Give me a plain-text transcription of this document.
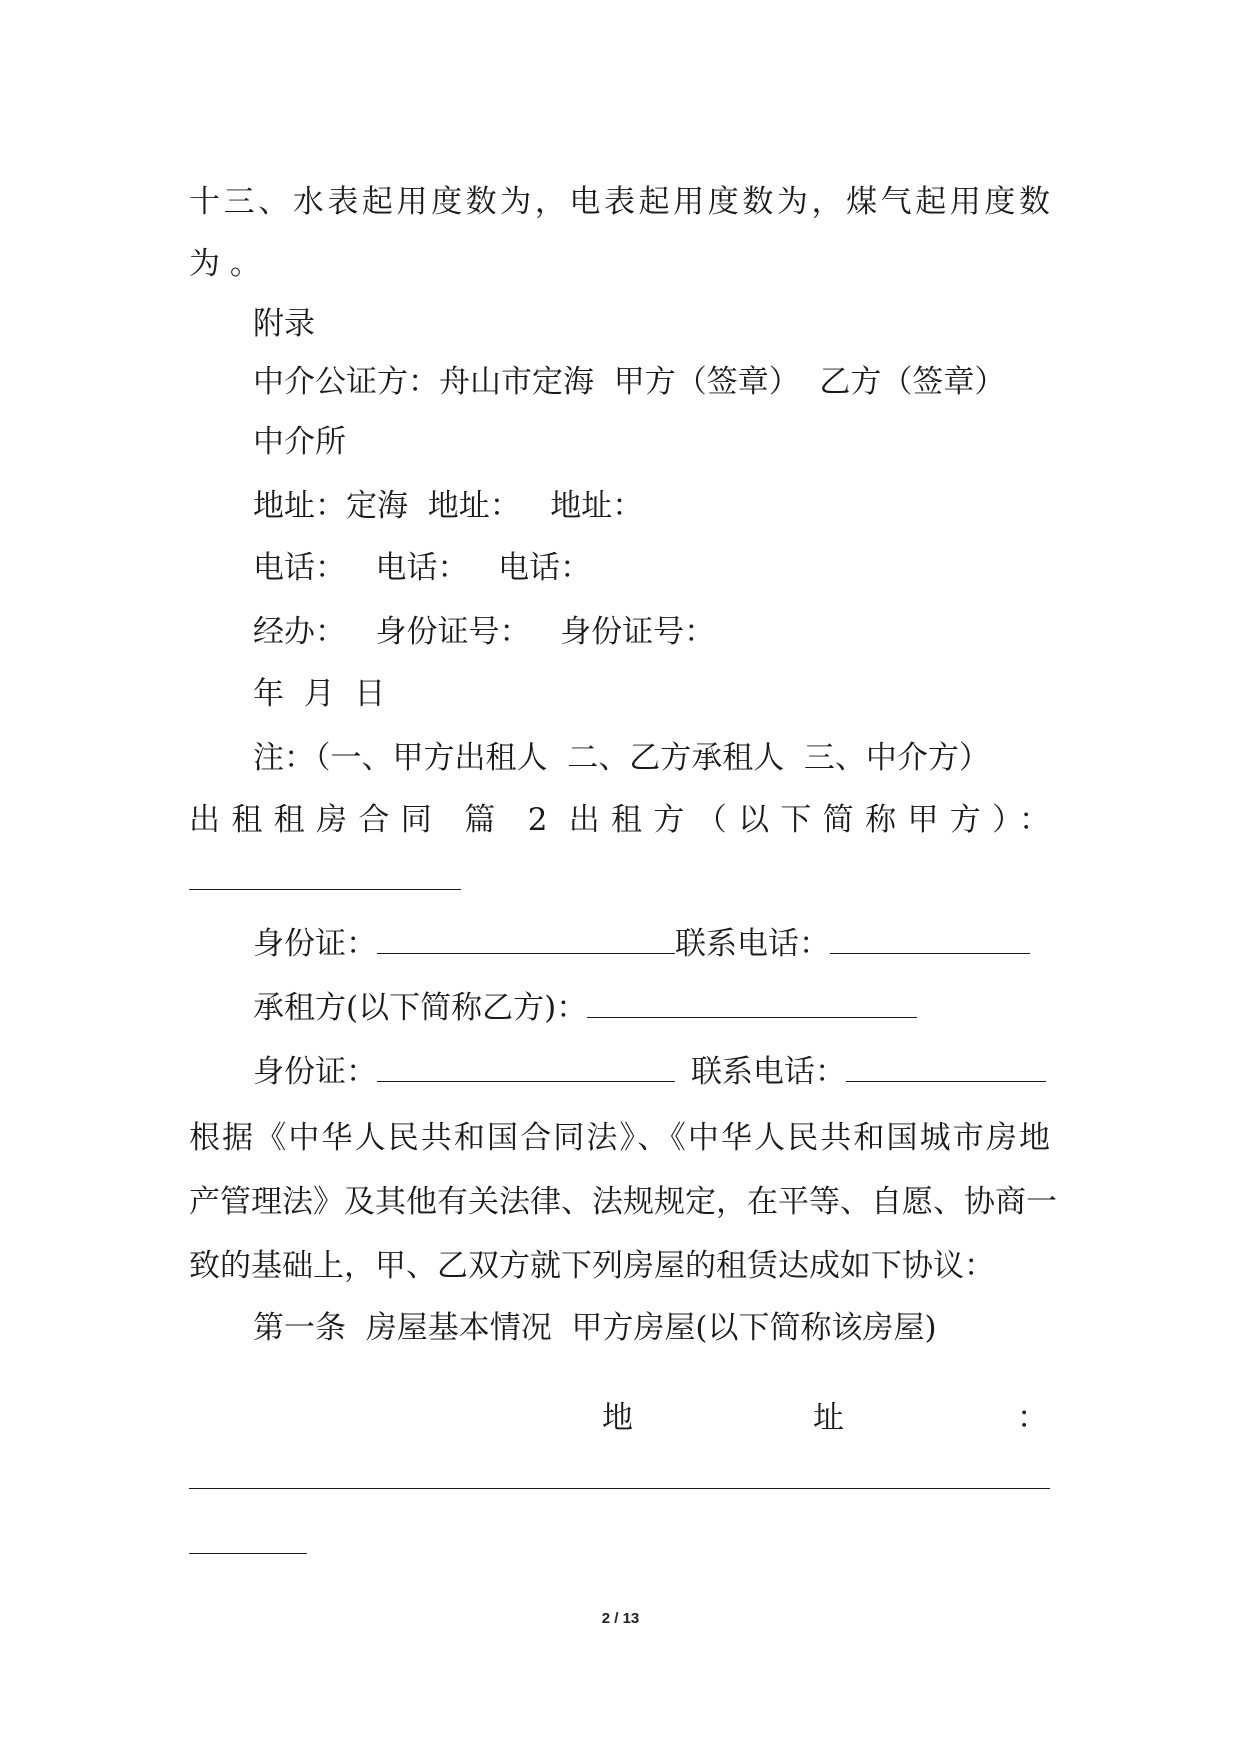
十三、水表起用度数为，电表起用度数为，煤气起用度数

为 。

附录

中介公证方：舟山市定海  甲方（签章）  乙方（签章）

中介所

地址：定海  地址：   地址：

电话：   电话：   电话：

经办：   身份证号：   身份证号：

年  月  日

注：（一、甲方出租人  二、乙方承租人  三、中介方）

出租租房合同 篇 2 出租方（以下简称甲方）：

身份证：	联系电话：

承租方(以下简称乙方)：

身份证：	联系电话：

根据《中华人民共和国合同法》、《中华人民共和国城市房地

产管理法》及其他有关法律、法规规定，在平等、自愿、协商一

致的基础上，甲、乙双方就下列房屋的租赁达成如下协议：

第一条  房屋基本情况  甲方房屋(以下简称该房屋)

地	址	：
2 / 13
